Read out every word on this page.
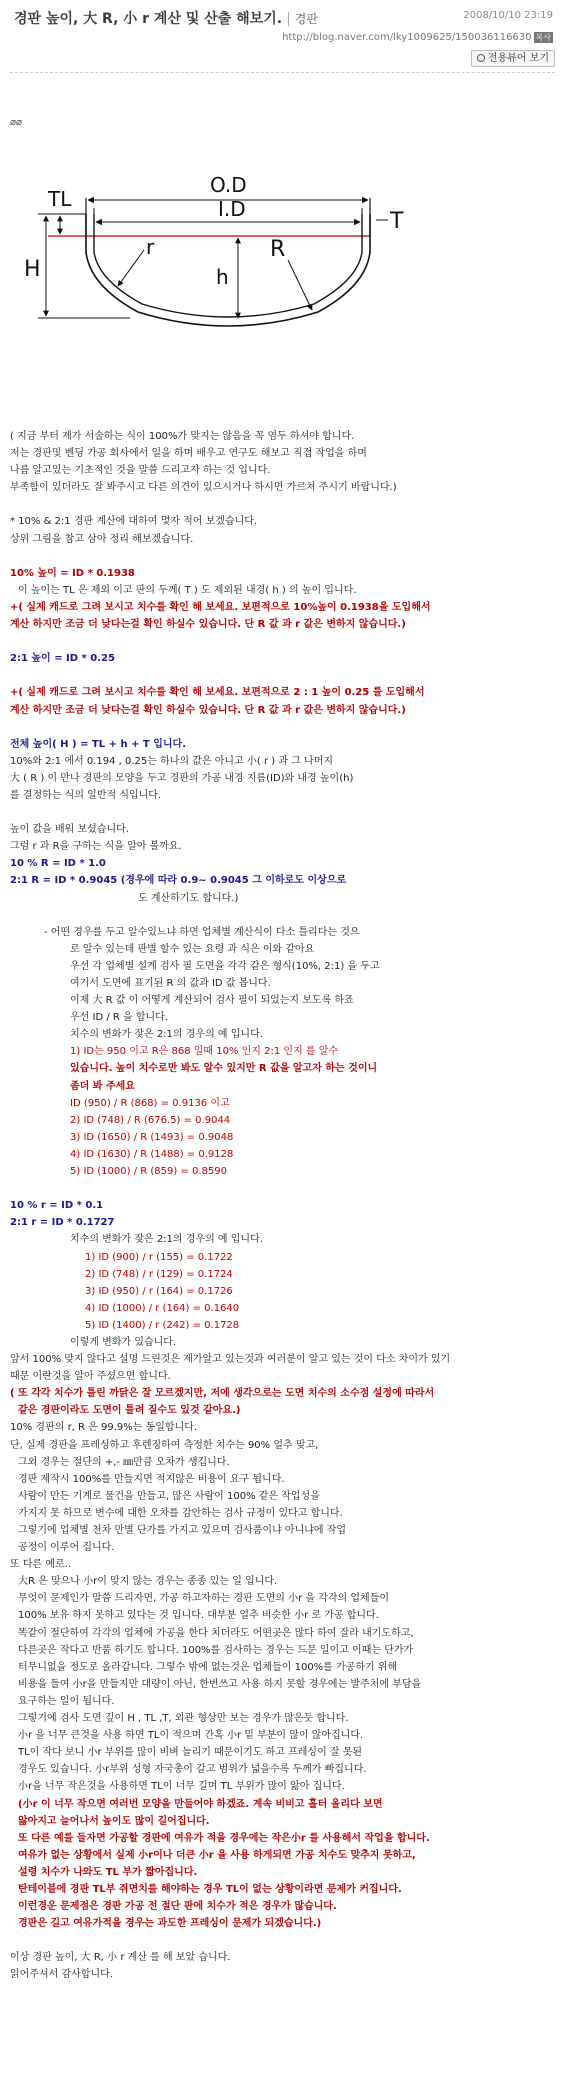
경판 높이, 大 R, 小 r 계산 및 산출 해보기. | 경판	2008/10/10 23:19
http://blog.naver.com/lky1009625/150036116630 복사
전용뷰어 보기
⌀⌀
O.D
I.D
TL
T
H	h
r	R
( 지금 부터 제가 서술하는 식이 100%가 맞지는 않음을 꼭 염두 하셔야 합니다.
저는 경판및 벤딩 가공 회사에서 일을 하며 배우고 연구도 해보고 직접 작업을 하며
나름 알고있는 기초적인 것을 말씀 드리고자 하는 것 입니다.
부족함이 있더라도 잘 봐주시고 다른 의견이 있으시거나 하시면 가르쳐 주시기 바랍니다.)
* 10% & 2:1 경판 계산에 대하여 몇자 적어 보겠습니다.
상위 그림을 참고 삼아 정리 해보겠습니다.
10% 높이 = ID * 0.1938
이 높이는 TL 은 제외 이고 판의 두께( T ) 도 제외된 내경( h ) 의 높이 입니다.
+( 실제 캐드로 그려 보시고 치수를 확인 해 보세요. 보편적으로 10%높이 0.1938을 도입해서
계산 하지만 조금 더 낮다는걸 확인 하실수 있습니다. 단 R 값 과 r 값은 변하지 않습니다.)
2:1 높이 = ID * 0.25
+( 실제 캐드로 그려 보시고 치수를 확인 해 보세요. 보편적으로 2 : 1 높이 0.25 를 도입해서
계산 하지만 조금 더 낮다는걸 확인 하실수 있습니다. 단 R 값 과 r 값은 변하지 않습니다.)
전체 높이( H ) = TL + h + T 입니다.
10%와 2:1 에서 0.194 , 0.25는 하나의 값은 아니고 小( r ) 과 그 나머지
大 ( R ) 이 만나 경판의 모양을 두고 경판의 가공 내경 지름(ID)와 내경 높이(h)
를 결정하는 식의 일반적 식입니다.
높이 값을 배워 보셨습니다.
그럼 r 과 R을 구하는 식을 알아 볼까요.
10 % R = ID * 1.0
2:1 R = ID * 0.9045 (경우에 따라 0.9~ 0.9045 그 이하로도 이상으로
도 계산하기도 합니다.)
- 어떤 경우를 두고 알수있느냐 하면 업체별 계산식이 다소 틀리다는 것으
로 알수 있는데 판별 할수 있는 요령 과 식은 이와 같아요
우선 각 업체별 설계 검사 필 도면을 각각 같은 형식(10%, 2:1) 을 두고
여기서 도면에 표기된 R 의 값과 ID 값 봅니다.
이제 大 R 값 이 어떻게 계산되어 검사 필이 되었는지 보도록 하죠
우선 ID / R 을 합니다.
치수의 변화가 잦은 2:1의 경우의 예 입니다.
1) ID는 950 이고 R은 868 일때 10% 인지 2:1 인지 를 알수
있습니다. 높이 치수로만 봐도 알수 있지만 R 값을 알고자 하는 것이니
좀더 봐 주세요
ID (950) / R (868) = 0.9136 이고
2) ID (748) / R (676.5) = 0.9044
3) ID (1650) / R (1493) = 0.9048
4) ID (1630) / R (1488) = 0.9128
5) ID (1000) / R (859) = 0.8590
10 % r = ID * 0.1
2:1 r = ID * 0.1727
치수의 변화가 잦은 2:1의 경우의 예 입니다.
1) ID (900) / r (155) = 0.1722
2) ID (748) / r (129) = 0.1724
3) ID (950) / r (164) = 0.1726
4) ID (1000) / r (164) = 0.1640
5) ID (1400) / r (242) = 0.1728
이렇게 변화가 있습니다.
앞서 100% 맞지 않다고 설명 드린것은 제가알고 있는것과 여러분이 알고 있는 것이 다소 차이가 있기
때문 이란것을 알아 주셨으면 합니다.
( 또 각각 치수가 틀린 까닭은 잘 모르겠지만, 저에 생각으로는 도면 치수의 소수점 설정에 따라서
같은 경판이라도 도면이 틀려 질수도 있것 같아요.)
10% 경판의 r, R 은 99.9%는 동일합니다.
단, 실제 경판을 프레싱하고 후렌징하여 측정한 치수는 90% 얼추 맞고,
그외 경우는 절단의 +,- ㎜만큼 오차가 생깁니다.
경판 제작시 100%를 만들지면 적지않은 비용이 요구 됩니다.
사람이 만든 기계로 물건을 만들고, 많은 사람이 100% 같은 작업성을
가지지 못 하므로 변수에 대한 오차를 감안하는 검사 규정이 있다고 합니다.
그렇기에 업체별 천차 만별 단가를 가지고 있으며 검사품이냐 아니냐에 작업
공정이 이루어 집니다.
또 다른 예로..
大R 은 맞으나 小r이 맞지 않는 경우는 종종 있는 일 입니다.
무엇이 문제인가 말씀 드리자면, 가공 하고자하는 경판 도면의 小r 을 각각의 업체들이
100% 보유 하지 못하고 있다는 것 입니다. 대부분 얼추 비슷한 小r 로 가공 합니다.
똑같이 절단하여 각각의 업체에 가공을 한다 치더라도 어떤곳은 많다 하여 잘라 내기도하고,
다른곳은 작다고 반품 하기도 합니다. 100%를 검사하는 경우는 드문 일이고 이때는 단가가
터무니없을 정도로 올라갑니다. 그렇수 밖에 없는것은 업체들이 100%를 가공하기 위해
비용을 들여 小r을 만들지만 대량이 아닌, 한번쓰고 사용 하지 못할 경우에는 발주처에 부담을
요구하는 일이 됩니다.
그렇기에 검사 도면 깊이 H , TL ,T, 외관 형상만 보는 경우가 많은듯 합니다.
小r 을 너무 큰것을 사용 하면 TL이 적으며 간혹 小r 밑 부분이 많이 않아집니다.
TL이 작다 보니 小r 부위를 많이 비벼 늘리기 때문이기도 하고 프레싱이 잘 못된
경우도 있습니다. 小r부위 성형 자국총이 갈고 범위가 넓을수록 두께가 빠집니다.
小r을 너무 작은것을 사용하면 TL이 너무 길며 TL 부위가 많이 앓아 집니다.
(小r 이 너무 작으면 여러번 모양을 만들어야 하겠죠. 계속 비비고 홀터 올리다 보면
앓아지고 늘어나서 높이도 많이 길어집니다.
또 다른 예를 들자면 가공할 경판에 여유가 적을 경우에는 작은小r 를 사용해서 작업을 합니다.
여유가 없는 상황에서 실제 小r이나 더큰 小r 을 사용 하게되면 가공 치수도 맞추지 못하고,
설령 치수가 나와도 TL 부가 짧아집니다.
탄테이블에 경판 TL부 쥐면치를 해야하는 경우 TL이 없는 상황이라면 문제가 커집니다.
이런경운 문제점은 경판 가공 전 절단 판에 치수가 적은 경우가 많습니다.
경판은 길고 여유가적을 경우는 과도한 프레싱이 문제가 되겠습니다.)
이상 경판 높이, 大 R, 小 r 계산 를 해 보았 습니다.
읽어주셔서 감사합니다.
